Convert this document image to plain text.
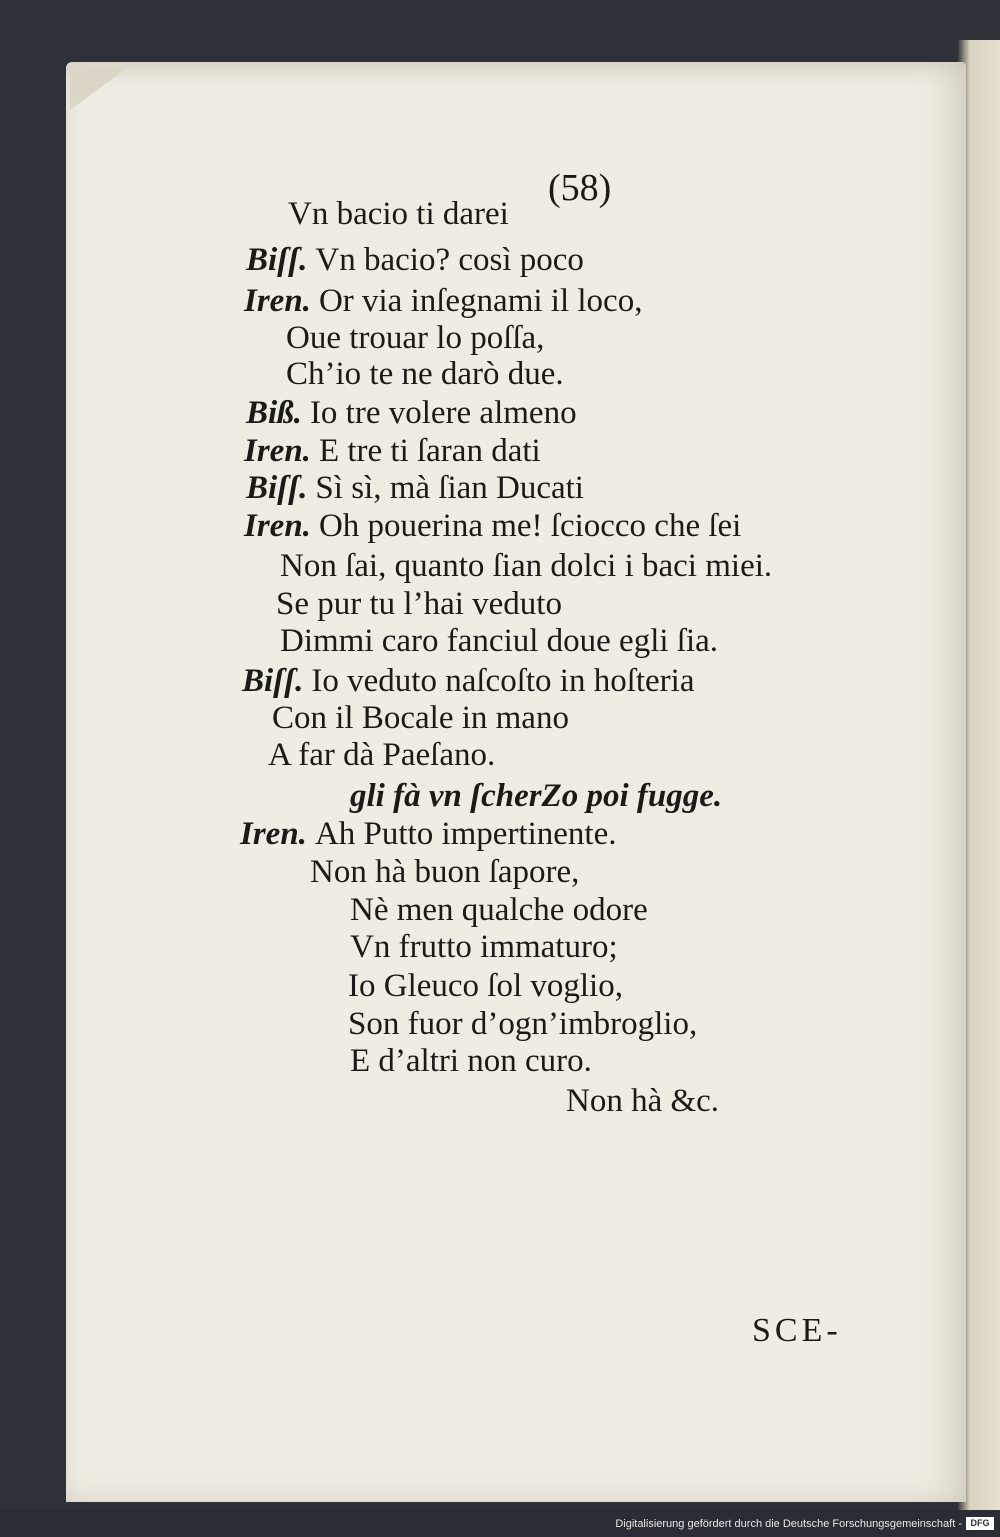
(58)
Vn bacio ti darei
Biſſ. Vn bacio? così poco
Iren. Or via inſegnami il loco,
Oue trouar lo poſſa,
Ch’io te ne darò due.
Biß. Io tre volere almeno
Iren. E tre ti ſaran dati
Biſſ. Sì sì, mà ſian Ducati
Iren. Oh pouerina me! ſciocco che ſei
Non ſai, quanto ſian dolci i baci miei.
Se pur tu l’hai veduto
Dimmi caro fanciul doue egli ſia.
Biſſ. Io veduto naſcoſto in hoſteria
Con il Bocale in mano
A far dà Paeſano.
gli fà vn ſcherZo poi fugge.
Iren. Ah Putto impertinente.
Non hà buon ſapore,
Nè men qualche odore
Vn frutto immaturo;
Io Gleuco ſol voglio,
Son fuor d’ogn’imbroglio,
E d’altri non curo.
Non hà &c.
SCE-
Digitalisierung gefördert durch die Deutsche Forschungsgemeinschaft - DFG
